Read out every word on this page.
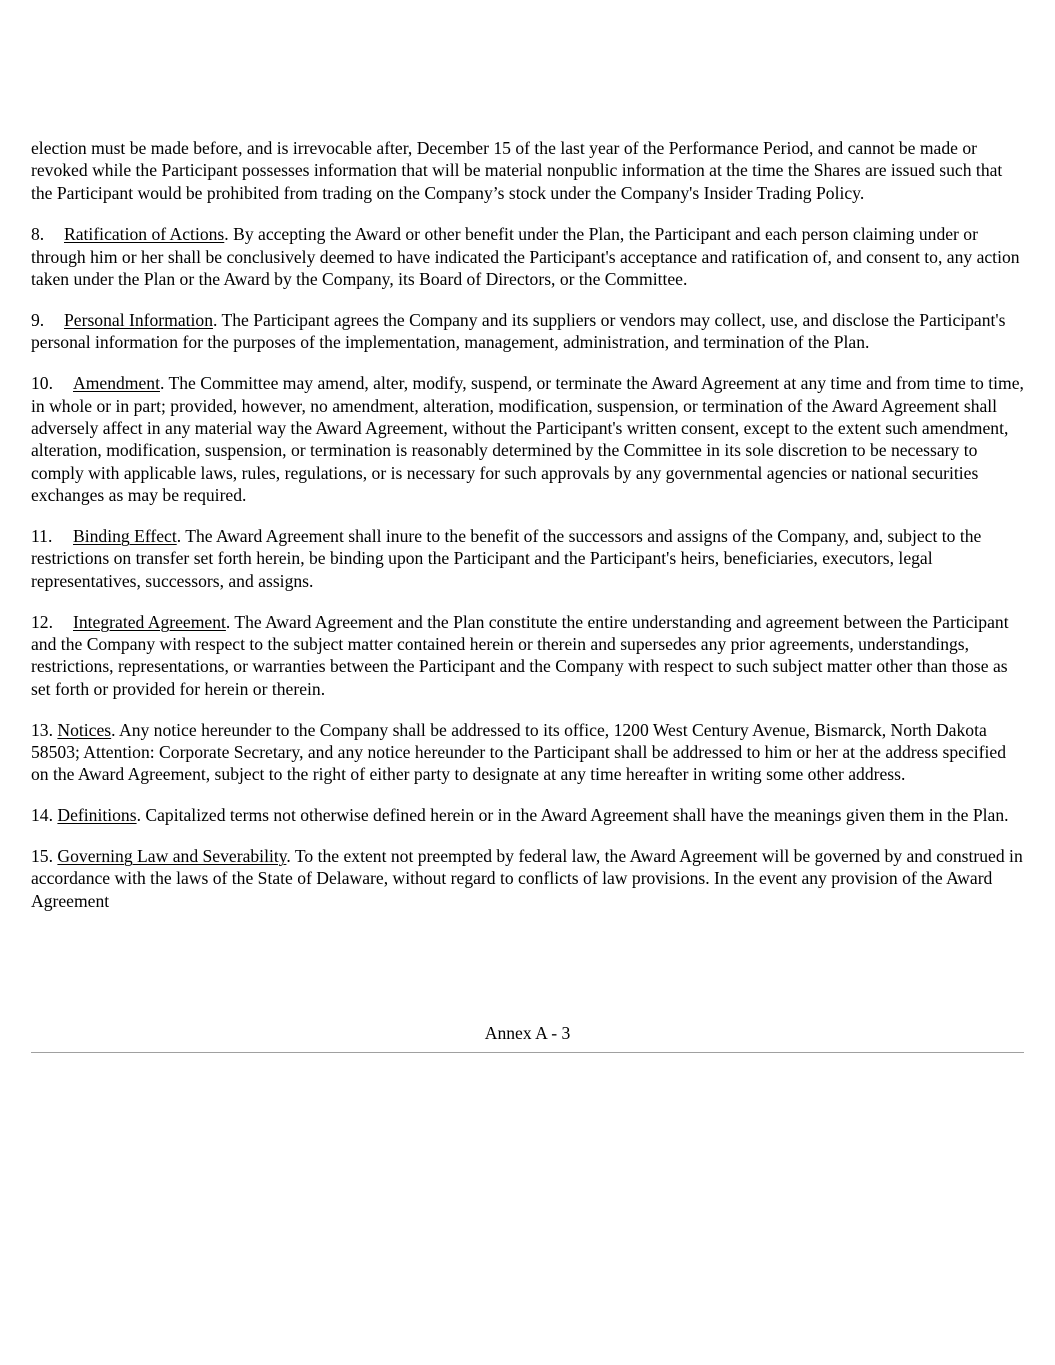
election must be made before, and is irrevocable after, December 15 of the last year of the Performance Period, and cannot be made or revoked while the Participant possesses information that will be material nonpublic information at the time the Shares are issued such that the Participant would be prohibited from trading on the Company’s stock under the Company's Insider Trading Policy.

8. Ratification of Actions. By accepting the Award or other benefit under the Plan, the Participant and each person claiming under or through him or her shall be conclusively deemed to have indicated the Participant's acceptance and ratification of, and consent to, any action taken under the Plan or the Award by the Company, its Board of Directors, or the Committee.

9. Personal Information. The Participant agrees the Company and its suppliers or vendors may collect, use, and disclose the Participant's personal information for the purposes of the implementation, management, administration, and termination of the Plan.

10. Amendment. The Committee may amend, alter, modify, suspend, or terminate the Award Agreement at any time and from time to time, in whole or in part; provided, however, no amendment, alteration, modification, suspension, or termination of the Award Agreement shall adversely affect in any material way the Award Agreement, without the Participant's written consent, except to the extent such amendment, alteration, modification, suspension, or termination is reasonably determined by the Committee in its sole discretion to be necessary to comply with applicable laws, rules, regulations, or is necessary for such approvals by any governmental agencies or national securities exchanges as may be required.

11. Binding Effect. The Award Agreement shall inure to the benefit of the successors and assigns of the Company, and, subject to the restrictions on transfer set forth herein, be binding upon the Participant and the Participant's heirs, beneficiaries, executors, legal representatives, successors, and assigns.

12. Integrated Agreement. The Award Agreement and the Plan constitute the entire understanding and agreement between the Participant and the Company with respect to the subject matter contained herein or therein and supersedes any prior agreements, understandings, restrictions, representations, or warranties between the Participant and the Company with respect to such subject matter other than those as set forth or provided for herein or therein.

13. Notices. Any notice hereunder to the Company shall be addressed to its office, 1200 West Century Avenue, Bismarck, North Dakota 58503; Attention: Corporate Secretary, and any notice hereunder to the Participant shall be addressed to him or her at the address specified on the Award Agreement, subject to the right of either party to designate at any time hereafter in writing some other address.

14. Definitions. Capitalized terms not otherwise defined herein or in the Award Agreement shall have the meanings given them in the Plan.

15. Governing Law and Severability. To the extent not preempted by federal law, the Award Agreement will be governed by and construed in accordance with the laws of the State of Delaware, without regard to conflicts of law provisions. In the event any provision of the Award Agreement

Annex A - 3
